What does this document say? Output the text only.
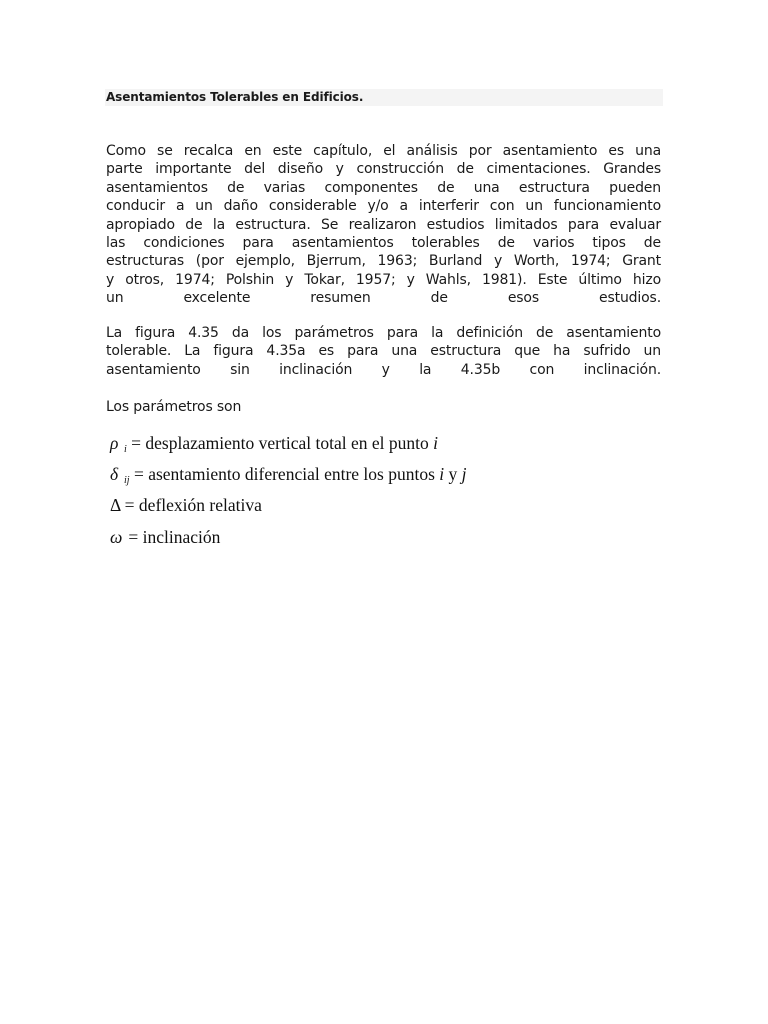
Asentamientos Tolerables en Edificios.
Como se recalca en este capítulo, el análisis por asentamiento es una
parte importante del diseño y construcción de cimentaciones. Grandes
asentamientos de varias componentes de una estructura pueden
conducir a un daño considerable y/o a interferir con un funcionamiento
apropiado de la estructura. Se realizaron estudios limitados para evaluar
las condiciones para asentamientos tolerables de varios tipos de
estructuras (por ejemplo, Bjerrum, 1963; Burland y Worth, 1974; Grant
y otros, 1974; Polshin y Tokar, 1957; y Wahls, 1981). Este último hizo
un excelente resumen de esos estudios.
La figura 4.35 da los parámetros para la definición de asentamiento
tolerable. La figura 4.35a es para una estructura que ha sufrido un
asentamiento sin inclinación y la 4.35b con inclinación.
Los parámetros son
ρ $_i$ = desplazamiento vertical total en el punto i
δ $_{ij}$ = asentamiento diferencial entre los puntos i y j
Δ = deflexión relativa
ω = inclinación
